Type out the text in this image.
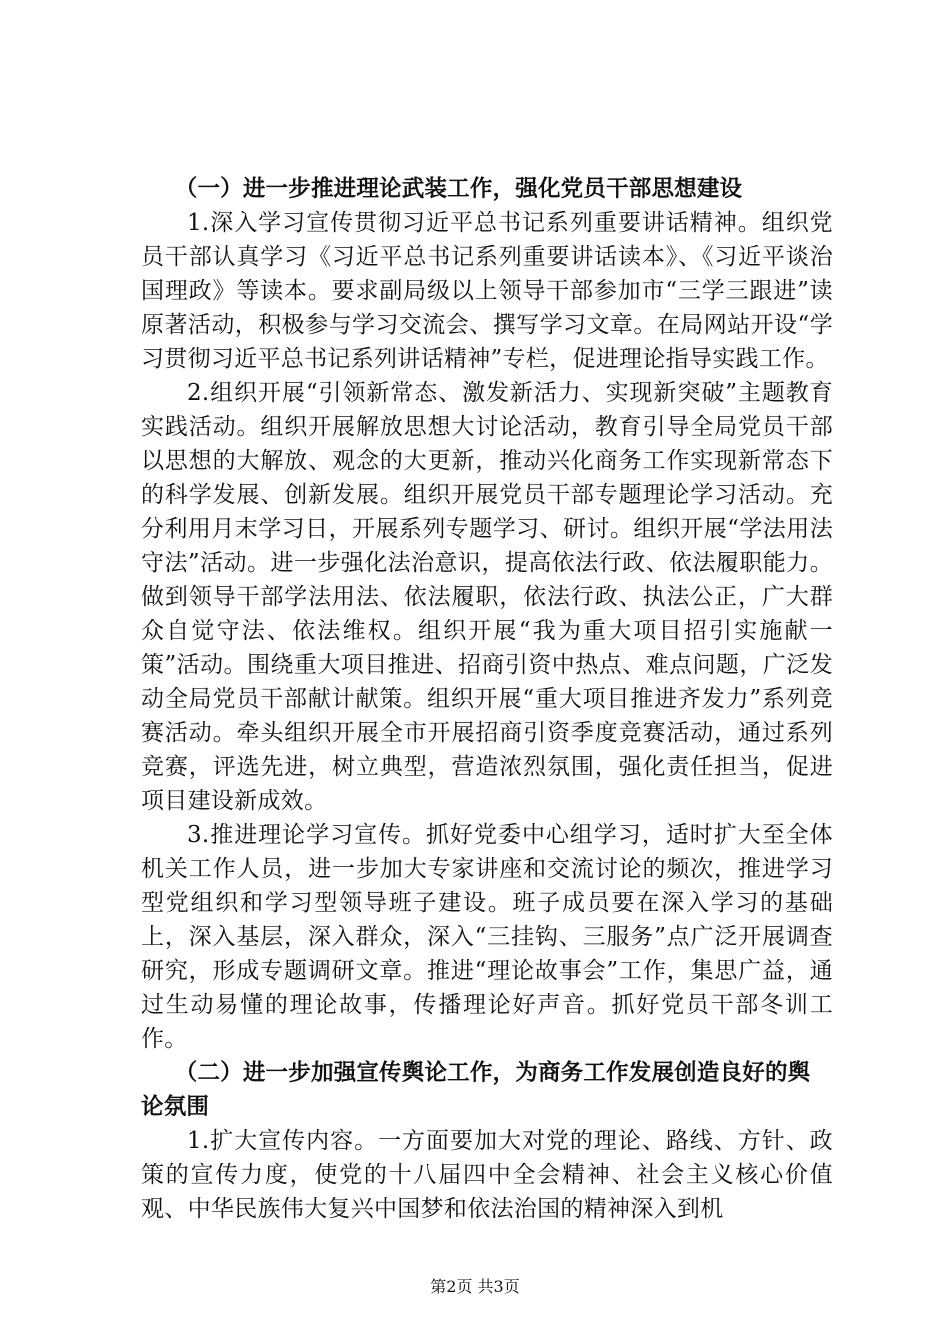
（一）进一步推进理论武装工作，强化党员干部思想建设

1.深入学习宣传贯彻习近平总书记系列重要讲话精神。组织党员干部认真学习《习近平总书记系列重要讲话读本》、《习近平谈治国理政》等读本。要求副局级以上领导干部参加市“三学三跟进”读原著活动，积极参与学习交流会、撰写学习文章。在局网站开设“学习贯彻习近平总书记系列讲话精神”专栏，促进理论指导实践工作。

2.组织开展“引领新常态、激发新活力、实现新突破”主题教育实践活动。组织开展解放思想大讨论活动，教育引导全局党员干部以思想的大解放、观念的大更新，推动兴化商务工作实现新常态下的科学发展、创新发展。组织开展党员干部专题理论学习活动。充分利用月末学习日，开展系列专题学习、研讨。组织开展“学法用法守法”活动。进一步强化法治意识，提高依法行政、依法履职能力。做到领导干部学法用法、依法履职，依法行政、执法公正，广大群众自觉守法、依法维权。组织开展“我为重大项目招引实施献一策”活动。围绕重大项目推进、招商引资中热点、难点问题，广泛发动全局党员干部献计献策。组织开展“重大项目推进齐发力”系列竞赛活动。牵头组织开展全市开展招商引资季度竞赛活动，通过系列竞赛，评选先进，树立典型，营造浓烈氛围，强化责任担当，促进项目建设新成效。

3.推进理论学习宣传。抓好党委中心组学习，适时扩大至全体机关工作人员，进一步加大专家讲座和交流讨论的频次，推进学习型党组织和学习型领导班子建设。班子成员要在深入学习的基础上，深入基层，深入群众，深入“三挂钩、三服务”点广泛开展调查研究，形成专题调研文章。推进“理论故事会”工作，集思广益，通过生动易懂的理论故事，传播理论好声音。抓好党员干部冬训工作。

（二）进一步加强宣传舆论工作，为商务工作发展创造良好的舆论氛围

1.扩大宣传内容。一方面要加大对党的理论、路线、方针、政策的宣传力度，使党的十八届四中全会精神、社会主义核心价值观、中华民族伟大复兴中国梦和依法治国的精神深入到机

第2页 共3页
